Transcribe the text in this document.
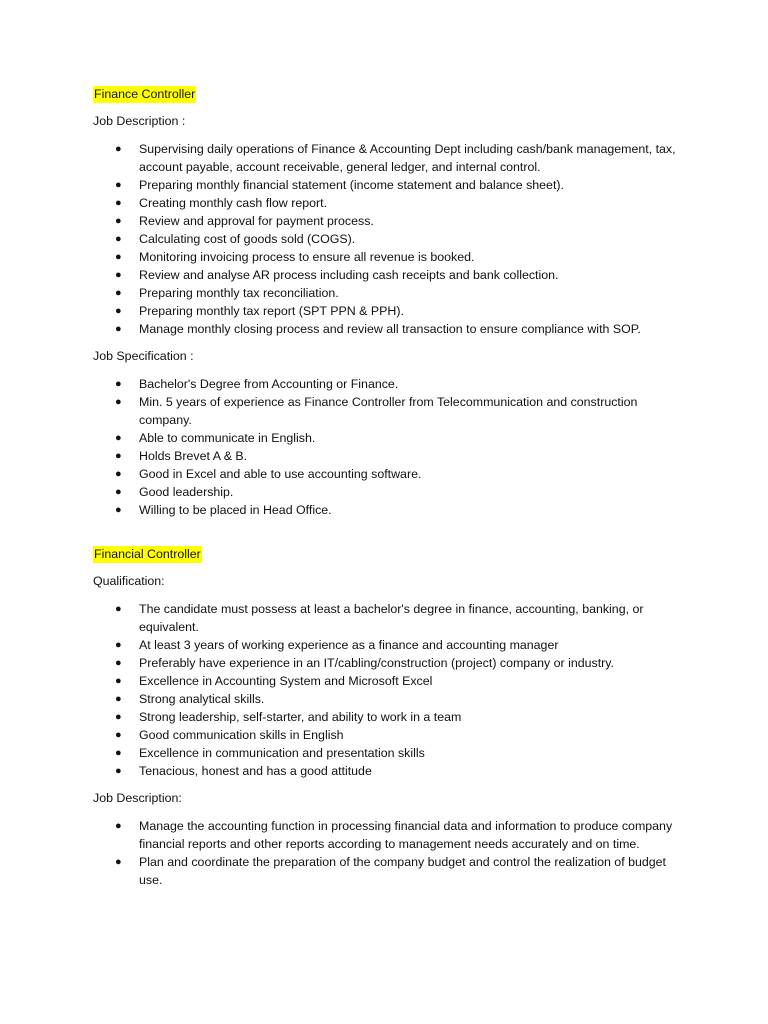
Finance Controller
Job Description :
● Supervising daily operations of Finance & Accounting Dept including cash/bank management, tax, account payable, account receivable, general ledger, and internal control.
● Preparing monthly financial statement (income statement and balance sheet).
● Creating monthly cash flow report.
● Review and approval for payment process.
● Calculating cost of goods sold (COGS).
● Monitoring invoicing process to ensure all revenue is booked.
● Review and analyse AR process including cash receipts and bank collection.
● Preparing monthly tax reconciliation.
● Preparing monthly tax report (SPT PPN & PPH).
● Manage monthly closing process and review all transaction to ensure compliance with SOP.
Job Specification :
● Bachelor's Degree from Accounting or Finance.
● Min. 5 years of experience as Finance Controller from Telecommunication and construction company.
● Able to communicate in English.
● Holds Brevet A & B.
● Good in Excel and able to use accounting software.
● Good leadership.
● Willing to be placed in Head Office.
Financial Controller
Qualification:
● The candidate must possess at least a bachelor's degree in finance, accounting, banking, or equivalent.
● At least 3 years of working experience as a finance and accounting manager
● Preferably have experience in an IT/cabling/construction (project) company or industry.
● Excellence in Accounting System and Microsoft Excel
● Strong analytical skills.
● Strong leadership, self-starter, and ability to work in a team
● Good communication skills in English
● Excellence in communication and presentation skills
● Tenacious, honest and has a good attitude
Job Description:
● Manage the accounting function in processing financial data and information to produce company financial reports and other reports according to management needs accurately and on time.
● Plan and coordinate the preparation of the company budget and control the realization of budget use.
